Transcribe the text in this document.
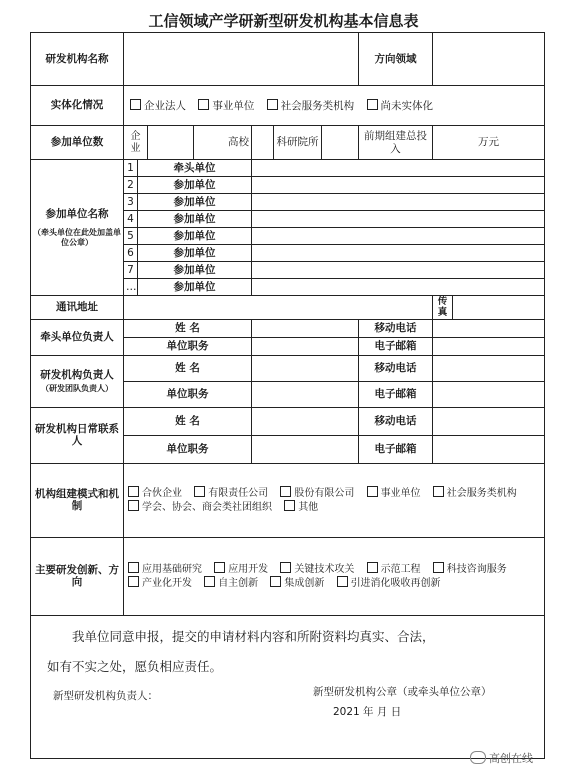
工信领域产学研新型研发机构基本信息表
研发机构名称								方向领域		
实体化情况	企业法人 事业单位 社会服务类机构 尚未实体化									
参加单位数	企业			高校		科研院所		前期组建总投入	万元	

参加单位名称
（牵头单位在此处加盖单位公章）	1	牵头单位								
	2	参加单位								
	3	参加单位								
	4	参加单位								
	5	参加单位								
	6	参加单位								
	7	参加单位								
	…	参加单位								
通讯地址									传真	
牵头单位负责人	姓 名							移动电话		
	单位职务							电子邮箱		

研发机构负责人
（研发团队负责人）	姓 名							移动电话		
	单位职务							电子邮箱		
研发机构日常联系人	姓 名							移动电话		
	单位职务							电子邮箱		
机构组建模式和机制	合伙企业 有限责任公司 股份有限公司 事业单位 社会服务类机构 学会、协会、商会类社团组织 其他									
主要研发创新、方向	应用基础研究 应用开发 关键技术攻关 示范工程 科技咨询服务 产业化开发 自主创新 集成创新 引进消化吸收再创新									

我单位同意申报，提交的申请材料内容和所附资料均真实、合法，
如有不实之处，愿负相应责任。
新型研发机构负责人： 新型研发机构公章（或牵头单位公章）
2021 年 月 日										
高创在线
